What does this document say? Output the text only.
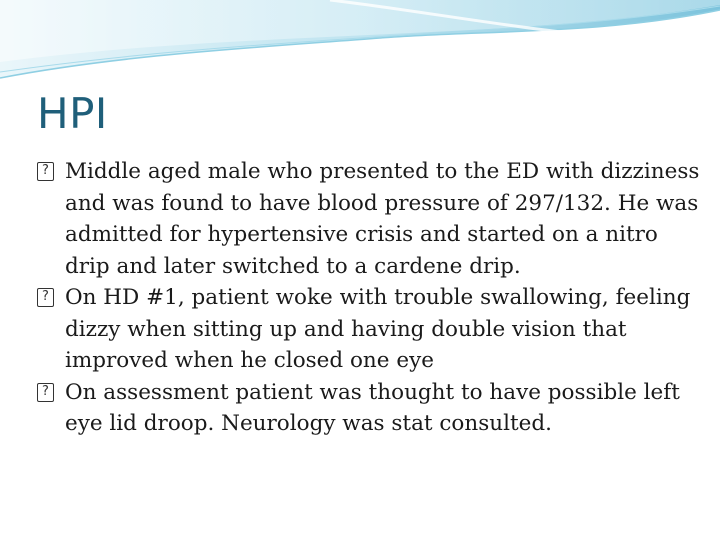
HPI
? Middle aged male who presented to the ED with dizziness and was found to have blood pressure of 297/132. He was admitted for hypertensive crisis and started on a nitro drip and later switched to a cardene drip.
? On HD #1, patient woke with trouble swallowing, feeling dizzy when sitting up and having double vision that improved when he closed one eye
? On assessment patient was thought to have possible left eye lid droop. Neurology was stat consulted.
